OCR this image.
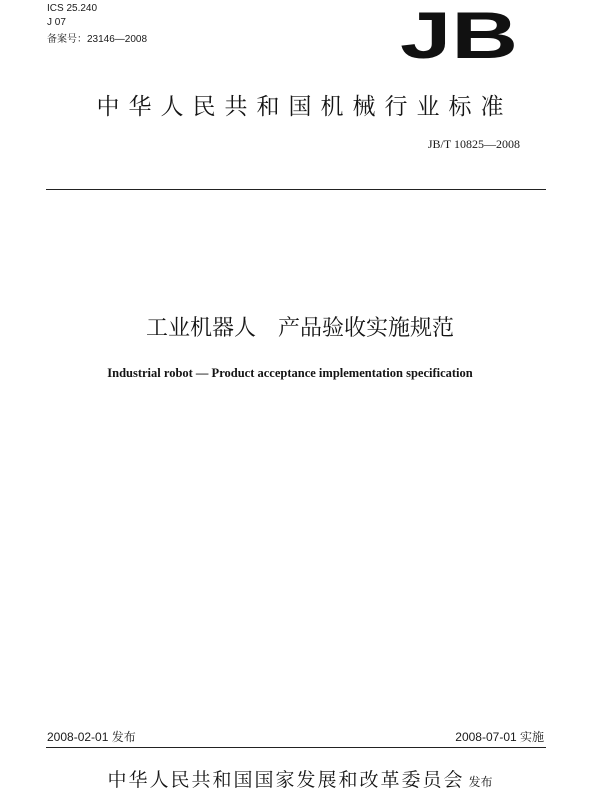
ICS 25.240
J 07
备案号：23146—2008	JB
中华人民共和国机械行业标准
JB/T 10825—2008
工业机器人　产品验收实施规范
Industrial robot — Product acceptance implementation specification
2008-02-01 发布	2008-07-01 实施
中华人民共和国国家发展和改革委员会 发布
